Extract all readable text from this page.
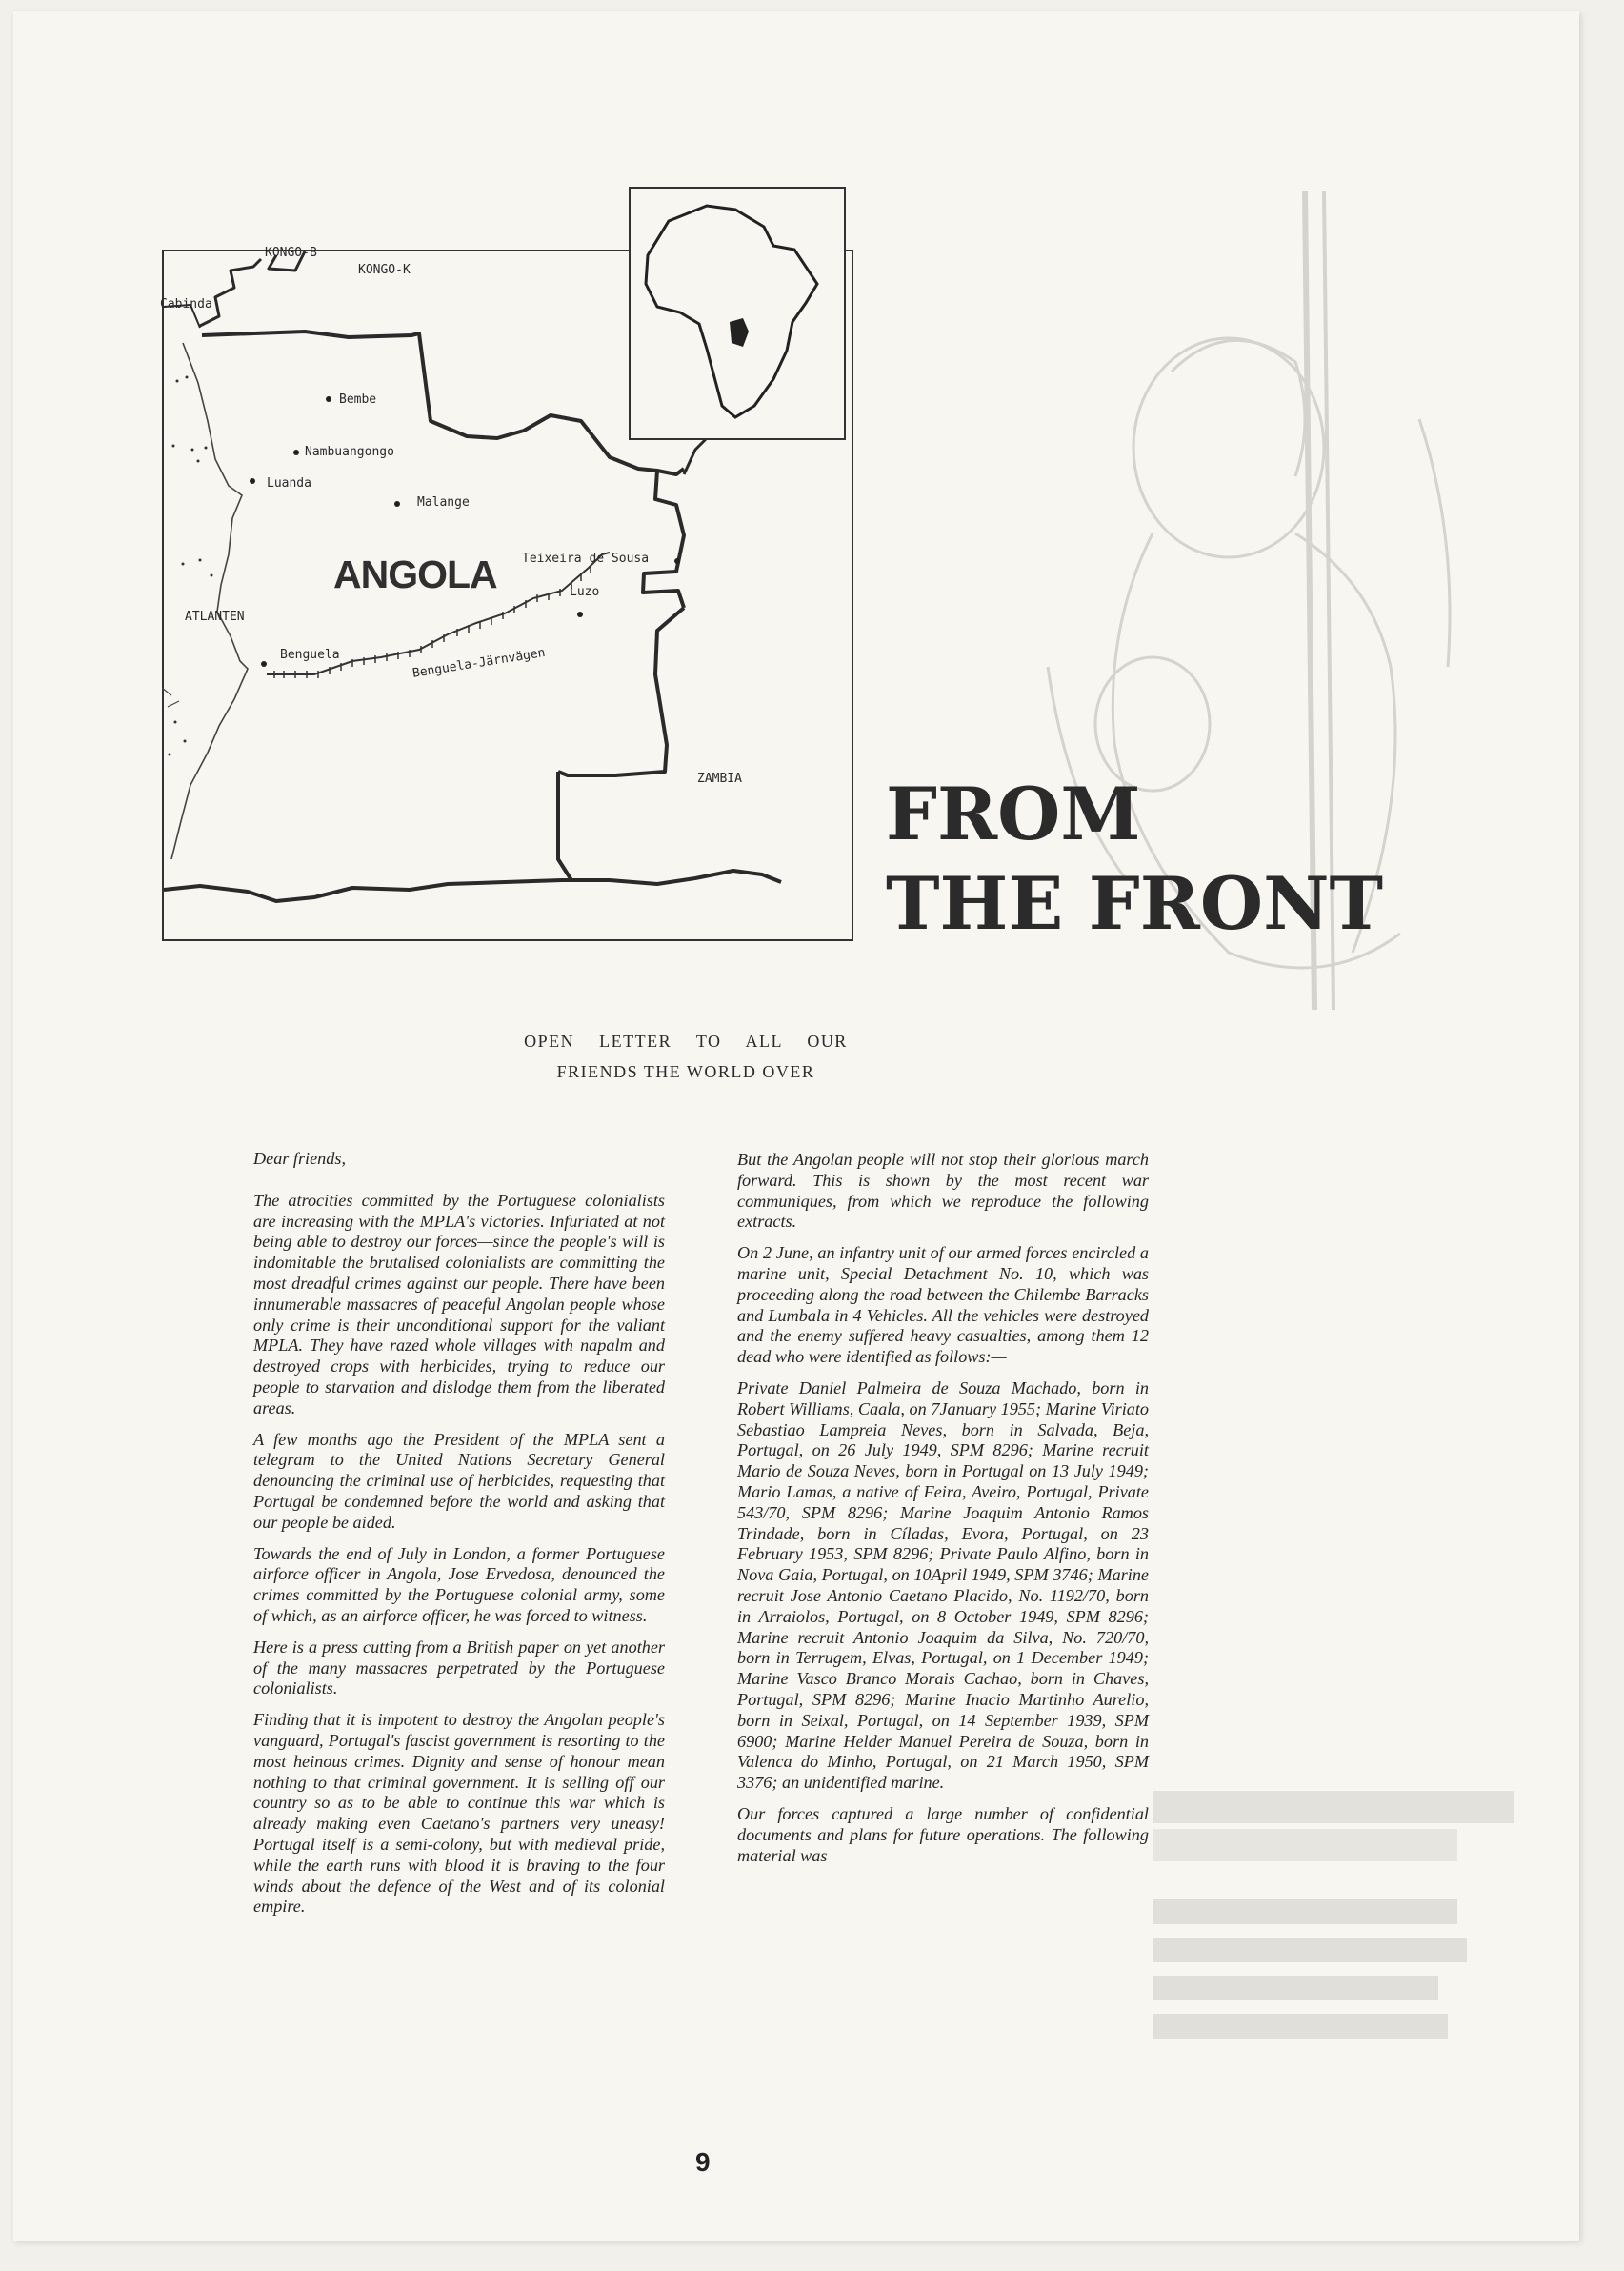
KONGO-B
KONGO-K
Cabinda
Bembe
Nambuangongo
Luanda
Malange
ANGOLA Teixeira de Sousa
Luzo
ATLANTEN
Benguela	Benguela-Järnvägen
ZAMBIA FROM
THE FRONT
OPEN LETTER TO ALL OUR
FRIENDS THE WORLD OVER

Dear friends,

The atrocities committed by the Portuguese colonialists are increasing with the MPLA's victories. Infuriated at not being able to destroy our forces—since the people's will is indomitable the brutalised colonialists are committing the most dreadful crimes against our people. There have been innumerable massacres of peaceful Angolan people whose only crime is their unconditional support for the valiant MPLA. They have razed whole villages with napalm and destroyed crops with herbicides, trying to reduce our people to starvation and dislodge them from the liberated areas.

A few months ago the President of the MPLA sent a telegram to the United Nations Secretary General denouncing the criminal use of herbicides, requesting that Portugal be condemned before the world and asking that our people be aided.

Towards the end of July in London, a former Portuguese airforce officer in Angola, Jose Ervedosa, denounced the crimes committed by the Portuguese colonial army, some of which, as an airforce officer, he was forced to witness.

Here is a press cutting from a British paper on yet another of the many massacres perpetrated by the Portuguese colonialists.

Finding that it is impotent to destroy the Angolan people's vanguard, Portugal's fascist government is resorting to the most heinous crimes. Dignity and sense of honour mean nothing to that criminal government. It is selling off our country so as to be able to continue this war which is already making even Caetano's partners very uneasy! Portugal itself is a semi-colony, but with medieval pride, while the earth runs with blood it is braving to the four winds about the defence of the West and of its colonial empire.

But the Angolan people will not stop their glorious march forward. This is shown by the most recent war communiques, from which we reproduce the following extracts.

On 2 June, an infantry unit of our armed forces encircled a marine unit, Special Detachment No. 10, which was proceeding along the road between the Chilembe Barracks and Lumbala in 4 Vehicles. All the vehicles were destroyed and the enemy suffered heavy casualties, among them 12 dead who were identified as follows:—

Private Daniel Palmeira de Souza Machado, born in Robert Williams, Caala, on 7January 1955; Marine Viriato Sebastiao Lampreia Neves, born in Salvada, Beja, Portugal, on 26 July 1949, SPM 8296; Marine recruit Mario de Souza Neves, born in Portugal on 13 July 1949; Mario Lamas, a native of Feira, Aveiro, Portugal, Private 543/70, SPM 8296; Marine Joaquim Antonio Ramos Trindade, born in Cíladas, Evora, Portugal, on 23 February 1953, SPM 8296; Private Paulo Alfino, born in Nova Gaia, Portugal, on 10April 1949, SPM 3746; Marine recruit Jose Antonio Caetano Placido, No. 1192/70, born in Arraiolos, Portugal, on 8 October 1949, SPM 8296; Marine recruit Antonio Joaquim da Silva, No. 720/70, born in Terrugem, Elvas, Portugal, on 1 December 1949; Marine Vasco Branco Morais Cachao, born in Chaves, Portugal, SPM 8296; Marine Inacio Martinho Aurelio, born in Seixal, Portugal, on 14 September 1939, SPM 6900; Marine Helder Manuel Pereira de Souza, born in Valenca do Minho, Portugal, on 21 March 1950, SPM 3376; an unidentified marine.

Our forces captured a large number of confidential documents and plans for future operations. The following material was

9
